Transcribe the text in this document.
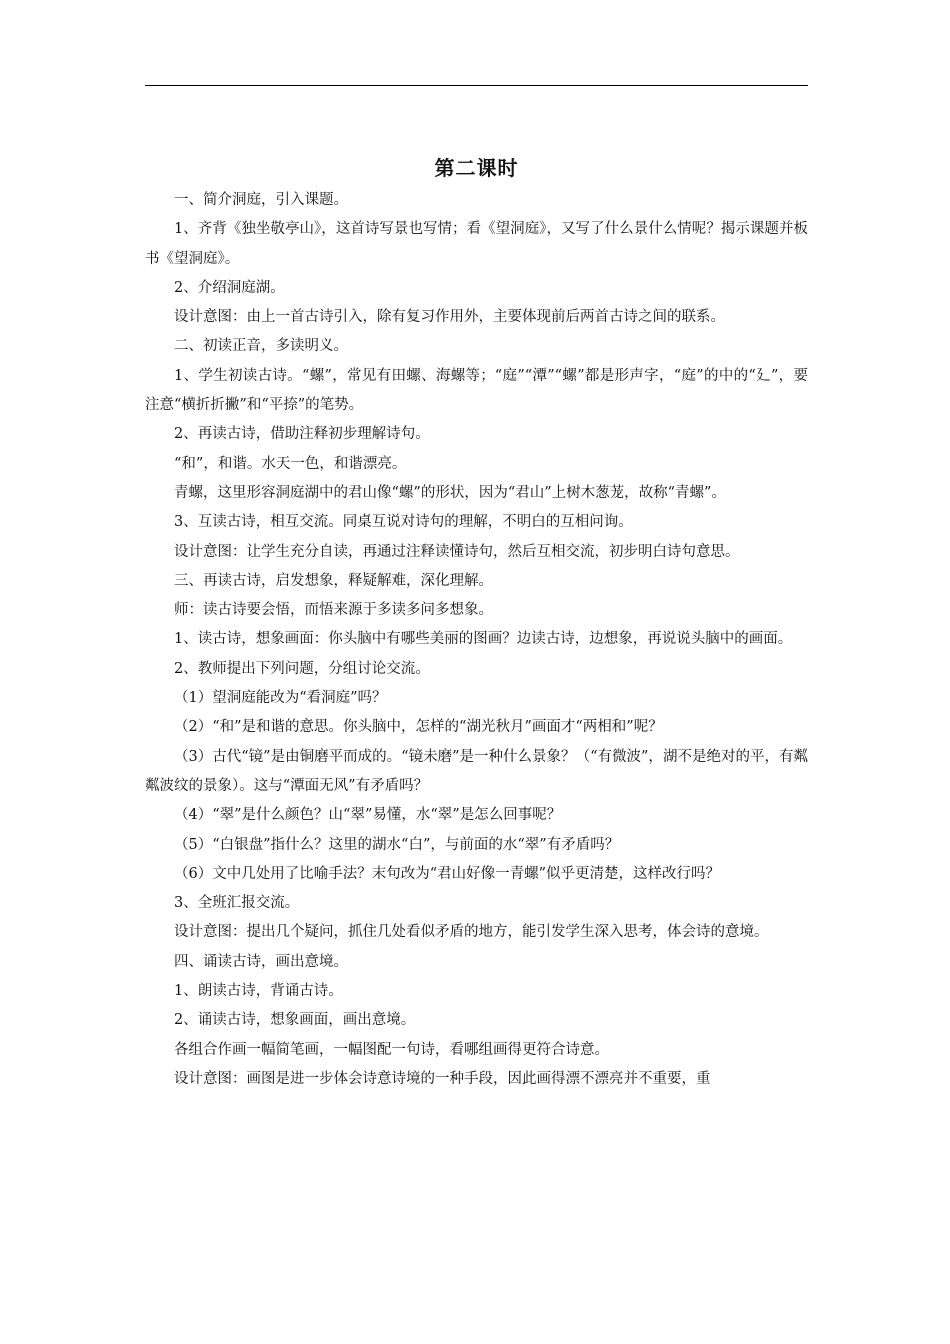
第二课时

一、简介洞庭，引入课题。

1、齐背《独坐敬亭山》，这首诗写景也写情；看《望洞庭》，又写了什么景什么情呢？揭示课题并板书《望洞庭》。

2、介绍洞庭湖。

设计意图：由上一首古诗引入，除有复习作用外，主要体现前后两首古诗之间的联系。

二、初读正音，多读明义。

1、学生初读古诗。“螺”，常见有田螺、海螺等；“庭”“潭”“螺”都是形声字，“庭”的中的“廴”，要注意“横折折撇”和“平捺”的笔势。

2、再读古诗，借助注释初步理解诗句。

“和”，和谐。水天一色，和谐漂亮。

青螺，这里形容洞庭湖中的君山像“螺”的形状，因为“君山”上树木葱茏，故称“青螺”。

3、互读古诗，相互交流。同桌互说对诗句的理解，不明白的互相问询。

设计意图：让学生充分自读，再通过注释读懂诗句，然后互相交流，初步明白诗句意思。

三、再读古诗，启发想象，释疑解难，深化理解。

师：读古诗要会悟，而悟来源于多读多问多想象。

1、读古诗，想象画面：你头脑中有哪些美丽的图画？边读古诗，边想象，再说说头脑中的画面。

2、教师提出下列问题，分组讨论交流。

（1）望洞庭能改为“看洞庭”吗？

（2）“和”是和谐的意思。你头脑中，怎样的“湖光秋月”画面才“两相和”呢？

（3）古代“镜”是由铜磨平而成的。“镜未磨”是一种什么景象？（“有微波”，湖不是绝对的平，有粼粼波纹的景象）。这与“潭面无风”有矛盾吗？

（4）“翠”是什么颜色？山“翠”易懂，水“翠”是怎么回事呢？

（5）“白银盘”指什么？这里的湖水“白”，与前面的水“翠”有矛盾吗？

（6）文中几处用了比喻手法？末句改为“君山好像一青螺”似乎更清楚，这样改行吗？

3、全班汇报交流。

设计意图：提出几个疑问，抓住几处看似矛盾的地方，能引发学生深入思考，体会诗的意境。

四、诵读古诗，画出意境。

1、朗读古诗，背诵古诗。

2、诵读古诗，想象画面，画出意境。

各组合作画一幅简笔画，一幅图配一句诗，看哪组画得更符合诗意。

设计意图：画图是进一步体会诗意诗境的一种手段，因此画得漂不漂亮并不重要，重
